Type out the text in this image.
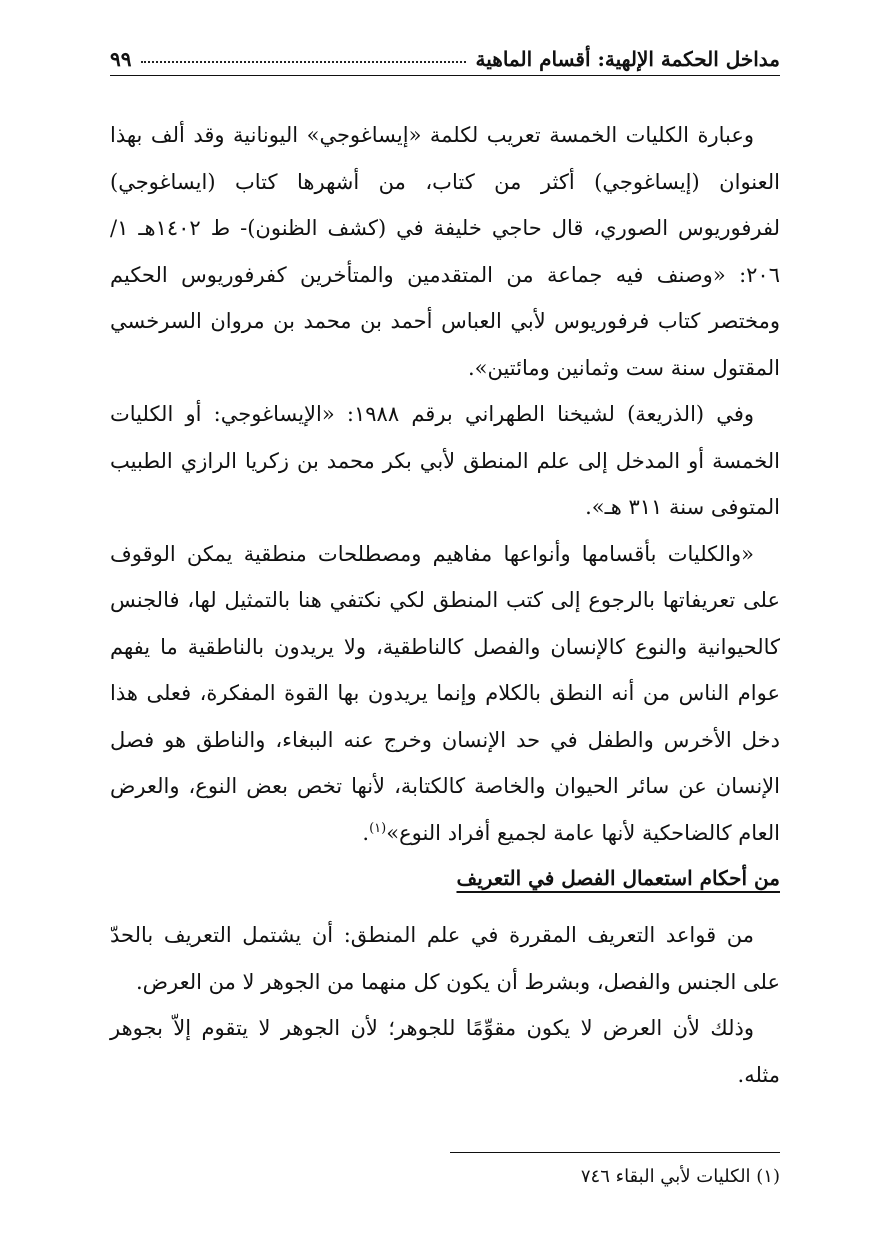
مداخل الحكمة الإلهية: أقسام الماهية
٩٩

وعبارة الكليات الخمسة تعريب لكلمة «إيساغوجي» اليونانية وقد ألف بهذا العنوان (إيساغوجي) أكثر من كتاب، من أشهرها كتاب (ايساغوجي) لفرفوريوس الصوري، قال حاجي خليفة في (كشف الظنون)- ط ١٤٠٢هـ ١/ ٢٠٦: «وصنف فيه جماعة من المتقدمين والمتأخرين كفرفوريوس الحكيم ومختصر كتاب فرفوريوس لأبي العباس أحمد بن محمد بن مروان السرخسي المقتول سنة ست وثمانين ومائتين».

وفي (الذريعة) لشيخنا الطهراني برقم ١٩٨٨: «الإيساغوجي: أو الكليات الخمسة أو المدخل إلى علم المنطق لأبي بكر محمد بن زكريا الرازي الطبيب المتوفى سنة ٣١١ هـ».

«والكليات بأقسامها وأنواعها مفاهيم ومصطلحات منطقية يمكن الوقوف على تعريفاتها بالرجوع إلى كتب المنطق لكي نكتفي هنا بالتمثيل لها، فالجنس كالحيوانية والنوع كالإنسان والفصل كالناطقية، ولا يريدون بالناطقية ما يفهم عوام الناس من أنه النطق بالكلام وإنما يريدون بها القوة المفكرة، فعلى هذا دخل الأخرس والطفل في حد الإنسان وخرج عنه الببغاء، والناطق هو فصل الإنسان عن سائر الحيوان والخاصة كالكتابة، لأنها تخص بعض النوع، والعرض العام كالضاحكية لأنها عامة لجميع أفراد النوع»$^{(١)}$.

من أحكام استعمال الفصل في التعريف

من قواعد التعريف المقررة في علم المنطق: أن يشتمل التعريف بالحدّ على الجنس والفصل، وبشرط أن يكون كل منهما من الجوهر لا من العرض.

وذلك لأن العرض لا يكون مقوِّمًا للجوهر؛ لأن الجوهر لا يتقوم إلاّ بجوهر مثله.

(١) الكليات لأبي البقاء ٧٤٦
